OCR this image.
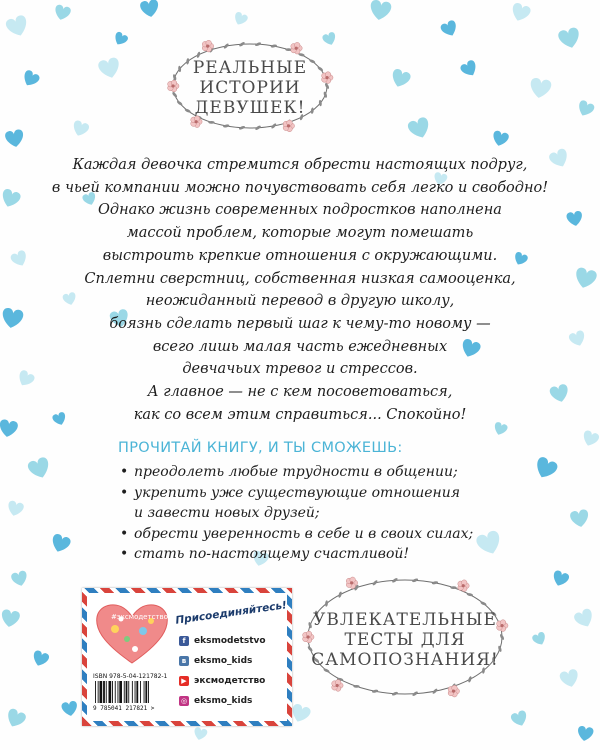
РЕАЛЬНЫЕ
ИСТОРИИ
ДЕВУШЕК!
Каждая девочка стремится обрести настоящих подруг,
в чьей компании можно почувствовать себя легко и свободно!
Однако жизнь современных подростков наполнена
массой проблем, которые могут помешать
выстроить крепкие отношения с окружающими.
Сплетни сверстниц, собственная низкая самооценка,
неожиданный перевод в другую школу,
боязнь сделать первый шаг к чему-то новому —
всего лишь малая часть ежедневных
девчачьих тревог и стрессов.
А главное — не с кем посоветоваться,
как со всем этим справиться... Спокойно!
ПРОЧИТАЙ КНИГУ, И ТЫ СМОЖЕШЬ:
• преодолеть любые трудности в общении;
• укрепить уже существующие отношения
и завести новых друзей;
• обрести уверенность в себе и в своих силах;
• стать по-настоящему счастливой!
УВЛЕКАТЕЛЬНЫЕ
ТЕСТЫ ДЛЯ
САМОПОЗНАНИЯ!
#эксмодетство Присоединяйтесь!
ISBN 978-5-04-121782-1
9 785041 217821 >
f eksmodetstvo
в eksmo_kids
▶ эксмодетство
◎ eksmo_kids
